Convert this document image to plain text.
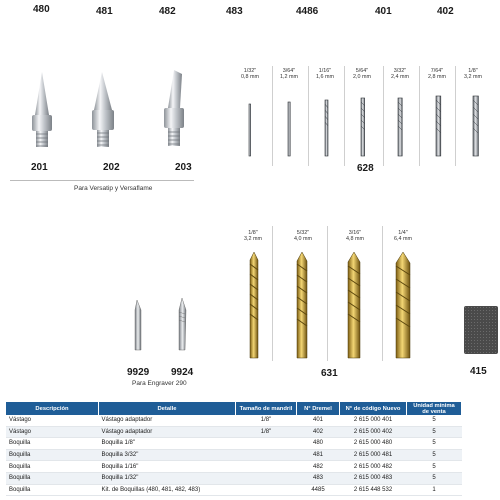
480	481	482	483	4486	401	402
201	202	203
Para Versatip y Versaflame
1/32"
0,8 mm
3/64"
1,2 mm
1/16"
1,6 mm
5/64"
2,0 mm
3/32"
2,4 mm
7/64"
2,8 mm
1/8"
3,2 mm
628
9929 9924
Para Engraver 290
1/8"
3,2 mm
5/32"
4,0 mm
3/16"
4,8 mm
1/4"
6,4 mm
631	415
Descripción	Detalle	Tamaño de mandril	N° Dremel	N° de código Nuevo	Unidad mínima de venta
Vástago	Vástago adaptador	1/8"	401	2 615 000 401	5
Vástago	Vástago adaptador	1/8"	402	2 615 000 402	5
Boquilla	Boquilla 1/8"		480	2 615 000 480	5
Boquilla	Boquilla 3/32"		481	2 615 000 481	5
Boquilla	Boquilla 1/16"		482	2 615 000 482	5
Boquilla	Boquilla 1/32"		483	2 615 000 483	5
Boquilla	Kit. de Boquillas (480, 481, 482, 483)		4485	2 615 448 532	1
